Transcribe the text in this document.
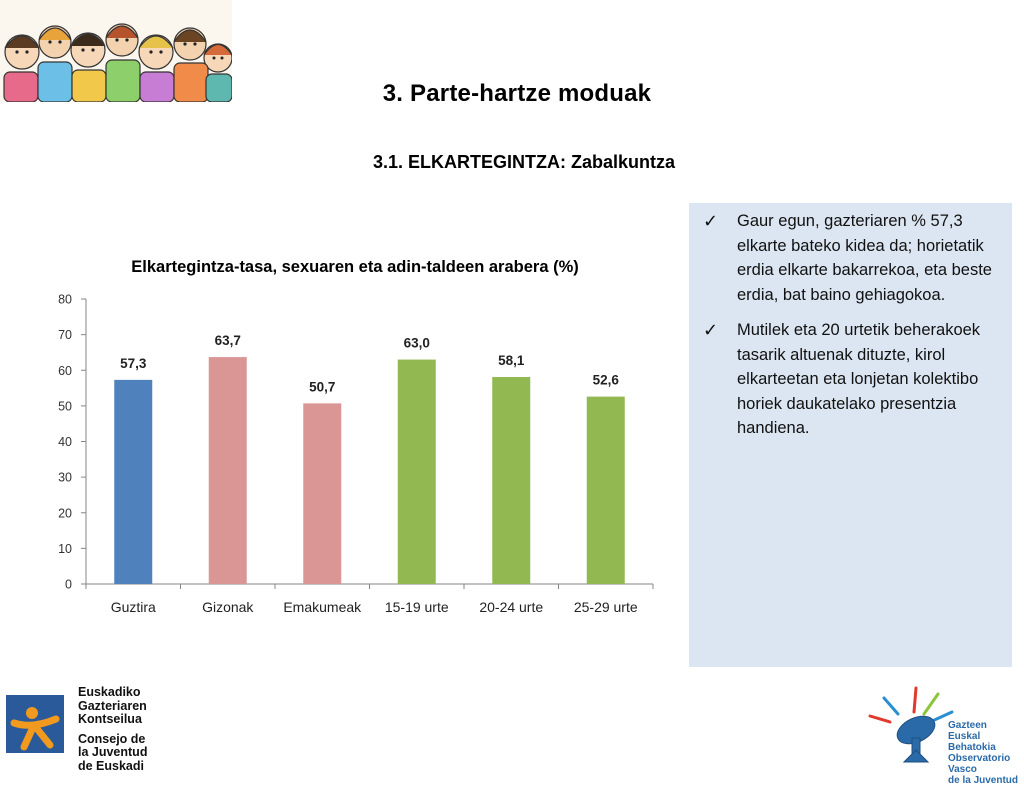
3. Parte-hartze moduak
3.1. ELKARTEGINTZA: Zabalkuntza
Elkartegintza-tasa, sexuaren eta adin-taldeen arabera (%)
0
10
20
30
40
50
60
70
80
Guztira	Gizonak Emakumeak 15-19 urte 20-24 urte 25-29 urte
57,3
63,7
50,7
63,0
58,1
52,6
✓ Gaur egun, gazteriaren % 57,3 elkarte bateko kidea da; horietatik erdia elkarte bakarrekoa, eta beste erdia, bat baino gehiagokoa.
✓ Mutilek eta 20 urtetik beherakoek tasarik altuenak dituzte, kirol elkarteetan eta lonjetan kolektibo horiek daukatelako presentzia handiena.
Euskadiko
Gazteriaren
Kontseilua
Consejo de
la Juventud
de Euskadi
Gazteen
Euskal Behatokia
Observatorio Vasco
de la Juventud
